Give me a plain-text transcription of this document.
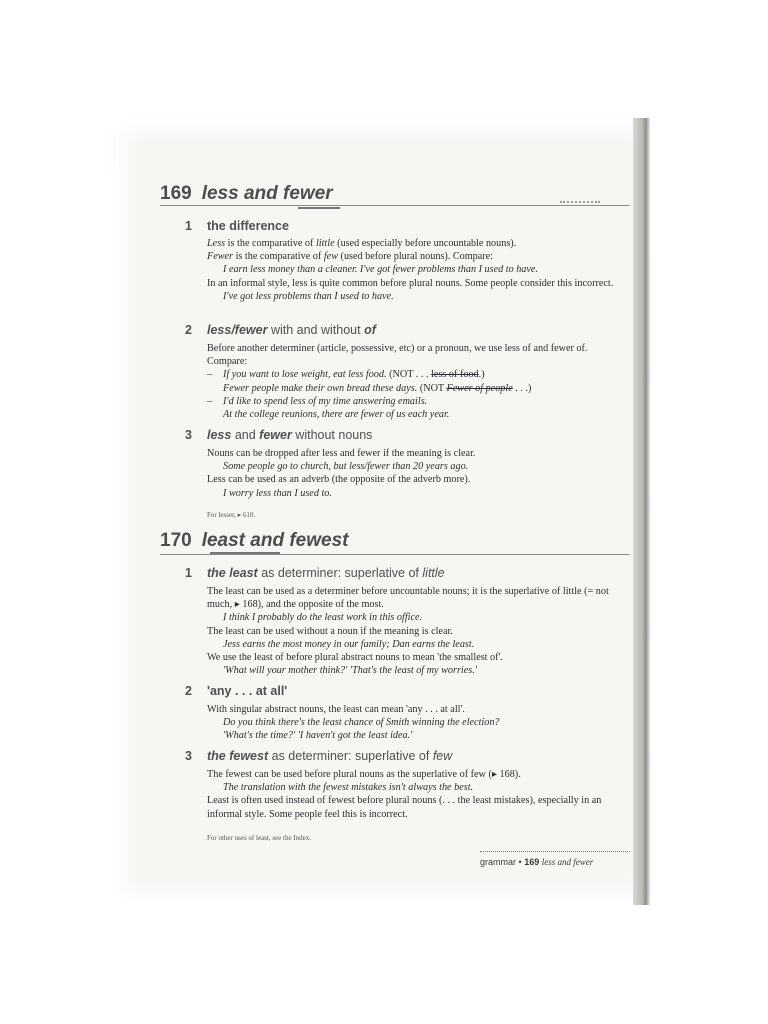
169 less and fewer
1 the difference

Less is the comparative of little (used especially before uncountable nouns).

Fewer is the comparative of few (used before plural nouns). Compare:

I earn less money than a cleaner. I've got fewer problems than I used to have.

In an informal style, less is quite common before plural nouns. Some people consider this incorrect.

I've got less problems than I used to have.

2 less/fewer with and without of

Before another determiner (article, possessive, etc) or a pronoun, we use less of and fewer of. Compare:

– If you want to lose weight, eat less food. (NOT . . . less of food.)

Fewer people make their own bread these days. (NOT Fewer of people . . .)

– I'd like to spend less of my time answering emails.

At the college reunions, there are fewer of us each year.

3 less and fewer without nouns

Nouns can be dropped after less and fewer if the meaning is clear.

Some people go to church, but less/fewer than 20 years ago.

Less can be used as an adverb (the opposite of the adverb more).

I worry less than I used to.

For lesser, ▸ 610.
170 least and fewest
1 the least as determiner: superlative of little

The least can be used as a determiner before uncountable nouns; it is the superlative of little (= not much, ▸ 168), and the opposite of the most.

I think I probably do the least work in this office.

The least can be used without a noun if the meaning is clear.

Jess earns the most money in our family; Dan earns the least.

We use the least of before plural abstract nouns to mean 'the smallest of'.

'What will your mother think?' 'That's the least of my worries.'

2 'any . . . at all'

With singular abstract nouns, the least can mean 'any . . . at all'.

Do you think there's the least chance of Smith winning the election?

'What's the time?' 'I haven't got the least idea.'

3 the fewest as determiner: superlative of few

The fewest can be used before plural nouns as the superlative of few (▸ 168).

The translation with the fewest mistakes isn't always the best.

Least is often used instead of fewest before plural nouns (. . . the least mistakes), especially in an informal style. Some people feel this is incorrect.

For other uses of least, see the Index.
grammar • 169 less and fewer
